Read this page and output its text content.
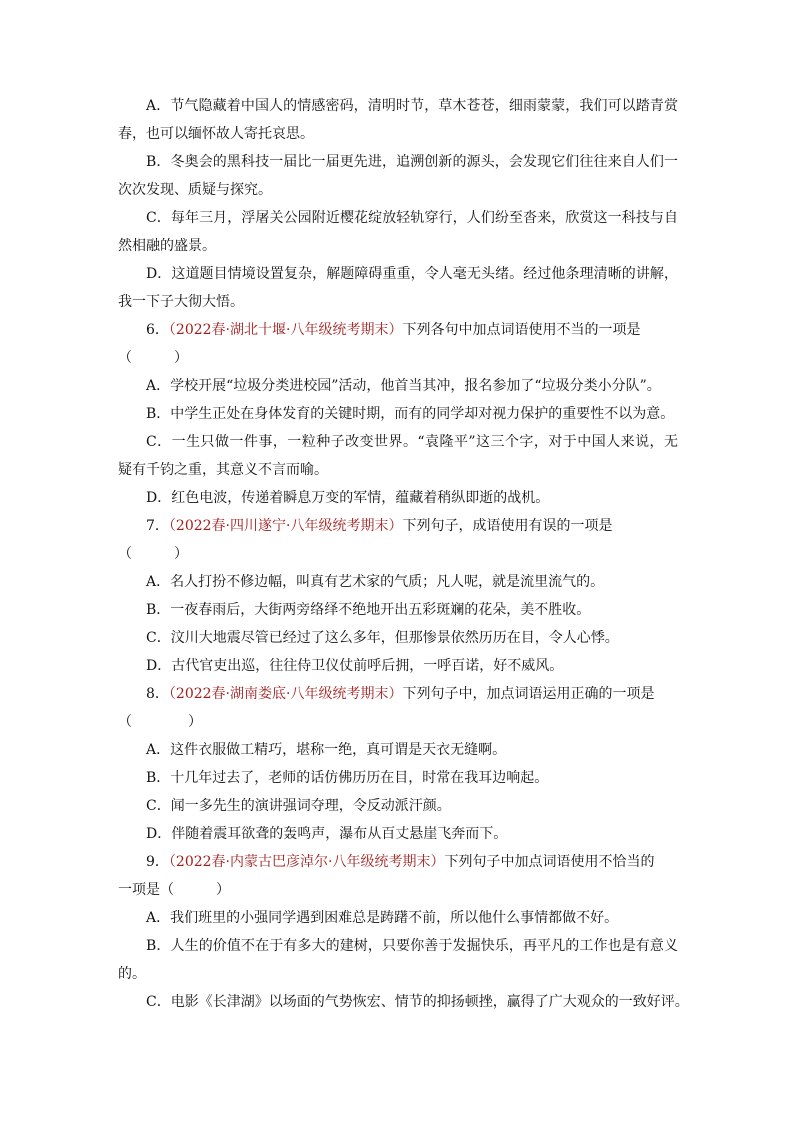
A．节气隐藏着中国人的情感密码，清明时节，草木苍苍，细雨蒙蒙，我们可以踏青赏
春，也可以缅怀故人寄托哀思。
B．冬奥会的黑科技一届比一届更先进，追溯创新的源头，会发现它们往往来自人们一
次次发现、质疑与探究。
C．每年三月，浮屠关公园附近樱花绽放轻轨穿行，人们纷至沓来，欣赏这一科技与自
然相融的盛景。
D．这道题目情境设置复杂，解题障碍重重，令人毫无头绪。经过他条理清晰的讲解，
我一下子大彻大悟。
6．（2022春·湖北十堰·八年级统考期末）下列各句中加点词语使用不当的一项是
（　　　）
A．学校开展“垃圾分类进校园”活动，他首当其冲，报名参加了“垃圾分类小分队”。
B．中学生正处在身体发育的关键时期，而有的同学却对视力保护的重要性不以为意。
C．一生只做一件事，一粒种子改变世界。“袁隆平”这三个字，对于中国人来说，无
疑有千钧之重，其意义不言而喻。
D．红色电波，传递着瞬息万变的军情，蕴藏着稍纵即逝的战机。
7．（2022春·四川遂宁·八年级统考期末）下列句子，成语使用有误的一项是
（　　　）
A．名人打扮不修边幅，叫真有艺术家的气质；凡人呢，就是流里流气的。
B．一夜春雨后，大街两旁络绎不绝地开出五彩斑斓的花朵，美不胜收。
C．汶川大地震尽管已经过了这么多年，但那惨景依然历历在目，令人心悸。
D．古代官吏出巡，往往侍卫仪仗前呼后拥，一呼百诺，好不威风。
8．（2022春·湖南娄底·八年级统考期末）下列句子中，加点词语运用正确的一项是
（　　　　）
A．这件衣服做工精巧，堪称一绝，真可谓是天衣无缝啊。
B．十几年过去了，老师的话仿佛历历在目，时常在我耳边响起。
C．闻一多先生的演讲强词夺理，令反动派汗颜。
D．伴随着震耳欲聋的轰鸣声，瀑布从百丈悬崖飞奔而下。
9．（2022春·内蒙古巴彦淖尔·八年级统考期末）下列句子中加点词语使用不恰当的
一项是（　　　）
A．我们班里的小强同学遇到困难总是踌躇不前，所以他什么事情都做不好。
B．人生的价值不在于有多大的建树，只要你善于发掘快乐，再平凡的工作也是有意义
的。
C．电影《长津湖》以场面的气势恢宏、情节的抑扬顿挫，赢得了广大观众的一致好评。
